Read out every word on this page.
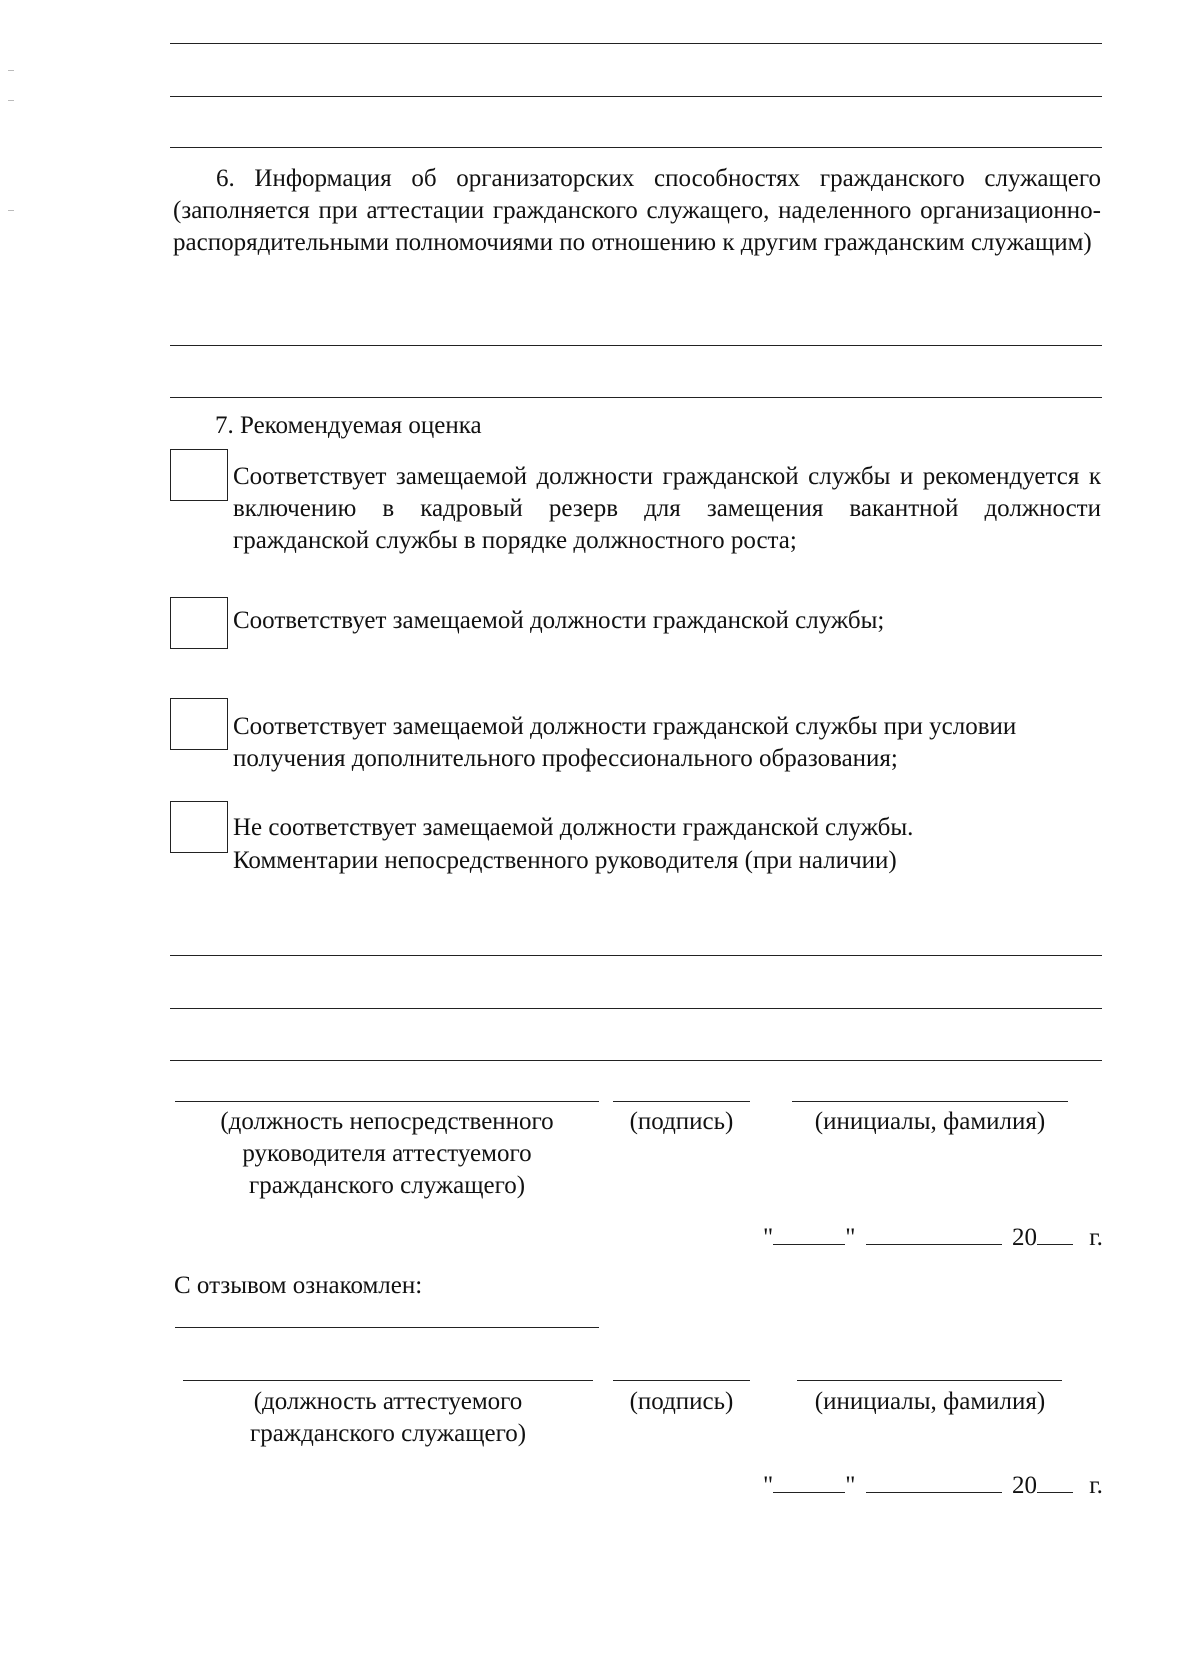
6. Информация об организаторских способностях гражданского служащего (заполняется при аттестации гражданского служащего, наделенного организационно-распорядительными полномочиями по отношению к другим гражданским служащим)
7. Рекомендуемая оценка
Соответствует замещаемой должности гражданской службы и рекомендуется к включению в кадровый резерв для замещения вакантной должности гражданской службы в порядке должностного роста;
Соответствует замещаемой должности гражданской службы;
Соответствует замещаемой должности гражданской службы при условии получения дополнительного профессионального образования;
Не соответствует замещаемой должности гражданской службы.
Комментарии непосредственного руководителя (при наличии)
(должность непосредственного руководителя аттестуемого гражданского служащего)
(подпись)	(инициалы, фамилия)
"	"	20 г.
С отзывом ознакомлен:
(должность аттестуемого гражданского служащего)
(подпись)	(инициалы, фамилия)
"	"	20 г.
